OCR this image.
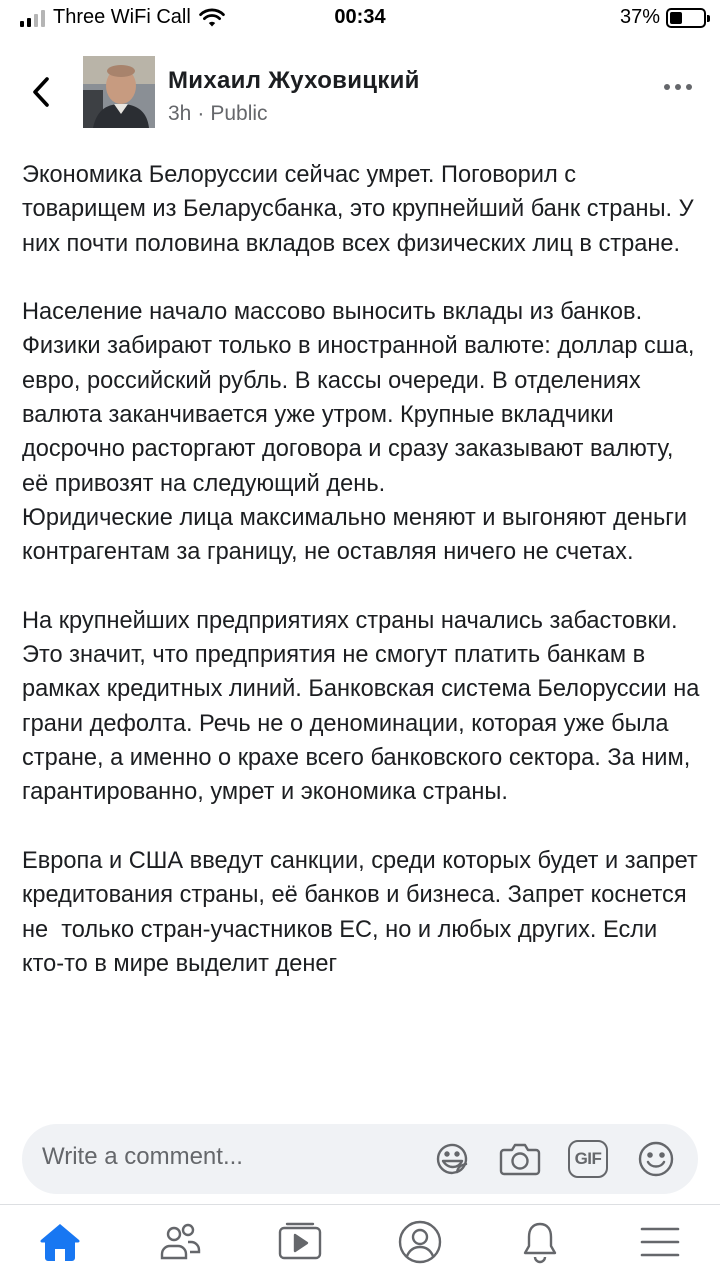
Three WiFi Call	00:34	37%
Михаил Жуховицкий
3h · Public

Экономика Белоруссии сейчас умрет. Поговорил с товарищем из Беларусбанка, это крупнейший банк страны. У них почти половина вкладов всех физических лиц в стране.

Население начало массово выносить вклады из банков. Физики забирают только в иностранной валюте: доллар сша, евро, российский рубль. В кассы очереди. В отделениях валюта заканчивается уже утром. Крупные вкладчики досрочно расторгают договора и сразу заказывают валюту, её привозят на следующий день.
Юридические лица максимально меняют и выгоняют деньги контрагентам за границу, не оставляя ничего не счетах.

На крупнейших предприятиях страны начались забастовки. Это значит, что предприятия не смогут платить банкам в рамках кредитных линий. Банковская система Белоруссии на грани дефолта. Речь не о деноминации, которая уже была стране, а именно о крахе всего банковского сектора. За ним, гарантированно, умрет и экономика страны.

Европа и США введут санкции, среди которых будет и запрет кредитования страны, её банков и бизнеса. Запрет коснется не  только стран-участников ЕС, но и любых других. Если кто-то в мире выделит денег

Write a comment...
GIF
